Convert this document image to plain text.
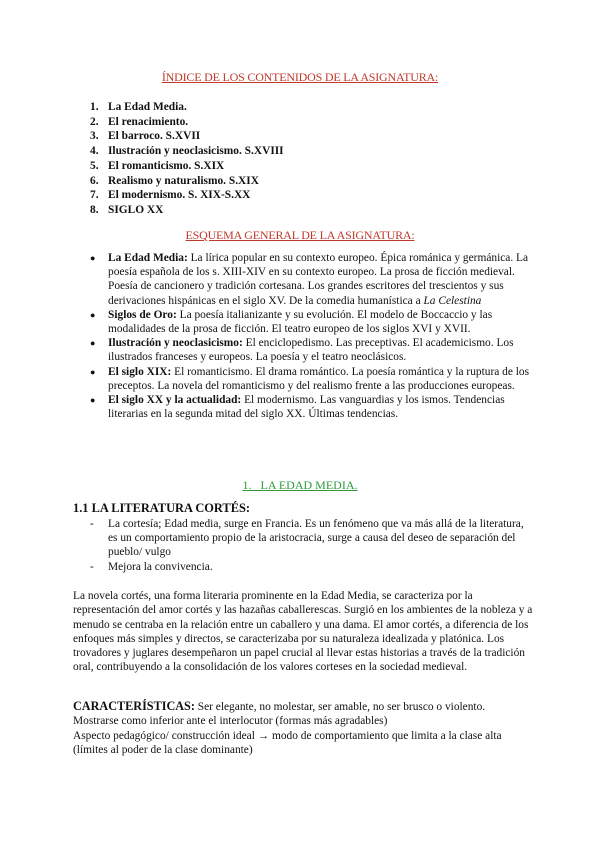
ÍNDICE DE LOS CONTENIDOS DE LA ASIGNATURA:
1. La Edad Media.
2. El renacimiento.
3. El barroco. S.XVII
4. Ilustración y neoclasicismo. S.XVIII
5. El romanticismo. S.XIX
6. Realismo y naturalismo. S.XIX
7. El modernismo. S. XIX-S.XX
8. SIGLO XX
ESQUEMA GENERAL DE LA ASIGNATURA:
● La Edad Media: La lírica popular en su contexto europeo. Épica románica y germánica. La poesía española de los s. XIII-XIV en su contexto europeo. La prosa de ficción medieval. Poesía de cancionero y tradición cortesana. Los grandes escritores del trescientos y sus derivaciones hispánicas en el siglo XV. De la comedia humanística a La Celestina
● Siglos de Oro: La poesía italianizante y su evolución. El modelo de Boccaccio y las modalidades de la prosa de ficción. El teatro europeo de los siglos XVI y XVII.
● Ilustración y neoclasicismo: El enciclopedismo. Las preceptivas. El academicismo. Los ilustrados franceses y europeos. La poesía y el teatro neoclásicos.
● El siglo XIX: El romanticismo. El drama romántico. La poesía romántica y la ruptura de los preceptos. La novela del romanticismo y del realismo frente a las producciones europeas.
● El siglo XX y la actualidad: El modernismo. Las vanguardias y los ismos. Tendencias literarias en la segunda mitad del siglo XX. Últimas tendencias.
1.   LA EDAD MEDIA.
1.1 LA LITERATURA CORTÉS:
- La cortesía; Edad media, surge en Francia. Es un fenómeno que va más allá de la literatura, es un comportamiento propio de la aristocracia, surge a causa del deseo de separación del pueblo/ vulgo
- Mejora la convivencia.

La novela cortés, una forma literaria prominente en la Edad Media, se caracteriza por la representación del amor cortés y las hazañas caballerescas. Surgió en los ambientes de la nobleza y a menudo se centraba en la relación entre un caballero y una dama. El amor cortés, a diferencia de los enfoques más simples y directos, se caracterizaba por su naturaleza idealizada y platónica. Los trovadores y juglares desempeñaron un papel crucial al llevar estas historias a través de la tradición oral, contribuyendo a la consolidación de los valores corteses en la sociedad medieval.

CARACTERÍSTICAS: Ser elegante, no molestar, ser amable, no ser brusco o violento.
Mostrarse como inferior ante el interlocutor (formas más agradables)
Aspecto pedagógico/ construcción ideal → modo de comportamiento que limita a la clase alta (límites al poder de la clase dominante)
